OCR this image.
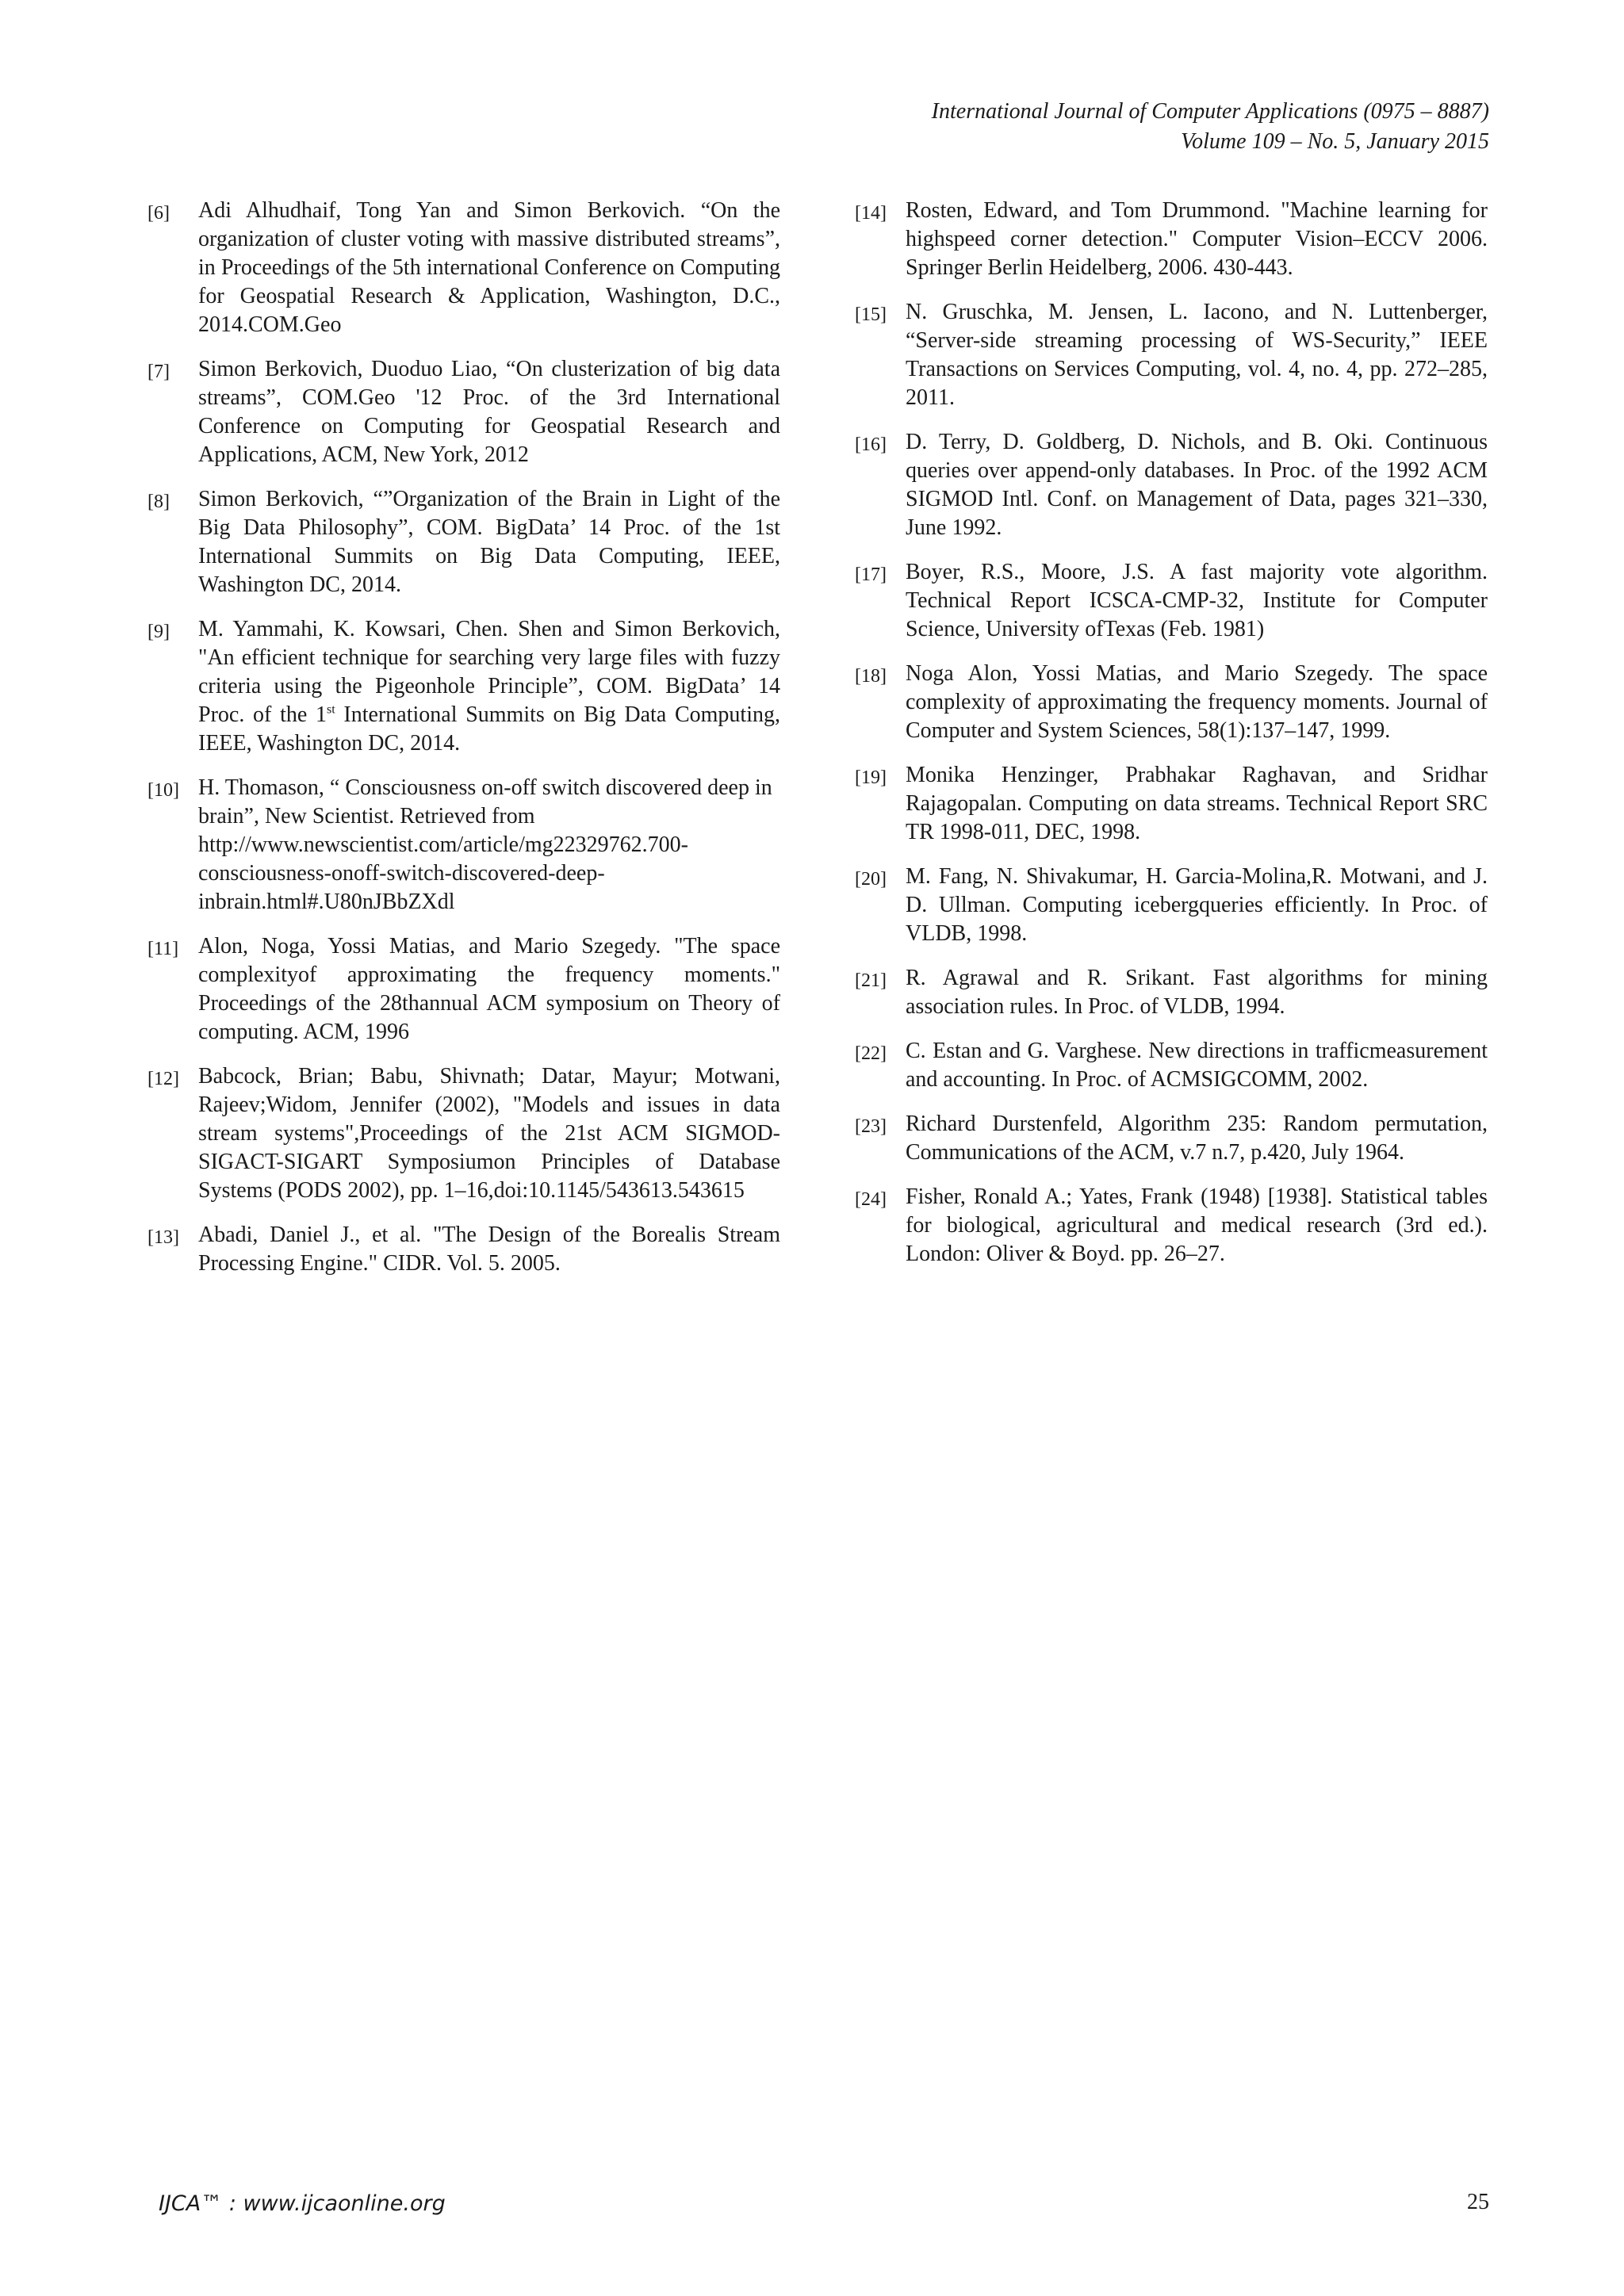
International Journal of Computer Applications (0975 – 8887)
Volume 109 – No. 5, January 2015
[6] Adi Alhudhaif, Tong Yan and Simon Berkovich. “On the organization of cluster voting with massive distributed streams”, in Proceedings of the 5th international Conference on Computing for Geospatial Research & Application, Washington, D.C., 2014.COM.Geo
[7] Simon Berkovich, Duoduo Liao, “On clusterization of big data streams”, COM.Geo '12 Proc. of the 3rd International Conference on Computing for Geospatial Research and Applications, ACM, New York, 2012
[8] Simon Berkovich, “”Organization of the Brain in Light of the Big Data Philosophy”, COM. BigData’ 14 Proc. of the 1st International Summits on Big Data Computing, IEEE, Washington DC, 2014.
[9] M. Yammahi, K. Kowsari, Chen. Shen and Simon Berkovich, "An efficient technique for searching very large files with fuzzy criteria using the Pigeonhole Principle”, COM. BigData’ 14 Proc. of the 1st International Summits on Big Data Computing, IEEE, Washington DC, 2014.
[10] H. Thomason, “ Consciousness on-off switch discovered deep in brain”, New Scientist. Retrieved from http://www.newscientist.com/article/mg22329762.700-consciousness-onoff-switch-discovered-deep-inbrain.html#.U80nJBbZXdl
[11] Alon, Noga, Yossi Matias, and Mario Szegedy. "The space complexityof approximating the frequency moments." Proceedings of the 28thannual ACM symposium on Theory of computing. ACM, 1996
[12] Babcock, Brian; Babu, Shivnath; Datar, Mayur; Motwani, Rajeev;Widom, Jennifer (2002), "Models and issues in data stream systems",Proceedings of the 21st ACM SIGMOD-SIGACT-SIGART Symposiumon Principles of Database Systems (PODS 2002), pp. 1–16,doi:10.1145/543613.543615
[13] Abadi, Daniel J., et al. "The Design of the Borealis Stream Processing Engine." CIDR. Vol. 5. 2005.
[14] Rosten, Edward, and Tom Drummond. "Machine learning for highspeed corner detection." Computer Vision–ECCV 2006. Springer Berlin Heidelberg, 2006. 430-443.
[15] N. Gruschka, M. Jensen, L. Iacono, and N. Luttenberger, “Server-side streaming processing of WS-Security,” IEEE Transactions on Services Computing, vol. 4, no. 4, pp. 272–285, 2011.
[16] D. Terry, D. Goldberg, D. Nichols, and B. Oki. Continuous queries over append-only databases. In Proc. of the 1992 ACM SIGMOD Intl. Conf. on Management of Data, pages 321–330, June 1992.
[17] Boyer, R.S., Moore, J.S. A fast majority vote algorithm. Technical Report ICSCA-CMP-32, Institute for Computer Science, University ofTexas (Feb. 1981)
[18] Noga Alon, Yossi Matias, and Mario Szegedy. The space complexity of approximating the frequency moments. Journal of Computer and System Sciences, 58(1):137–147, 1999.
[19] Monika Henzinger, Prabhakar Raghavan, and Sridhar Rajagopalan. Computing on data streams. Technical Report SRC TR 1998-011, DEC, 1998.
[20] M. Fang, N. Shivakumar, H. Garcia-Molina,R. Motwani, and J. D. Ullman. Computing icebergqueries efficiently. In Proc. of VLDB, 1998.
[21] R. Agrawal and R. Srikant. Fast algorithms for mining association rules. In Proc. of VLDB, 1994.
[22] C. Estan and G. Varghese. New directions in trafficmeasurement and accounting. In Proc. of ACMSIGCOMM, 2002.
[23] Richard Durstenfeld, Algorithm 235: Random permutation, Communications of the ACM, v.7 n.7, p.420, July 1964.
[24] Fisher, Ronald A.; Yates, Frank (1948) [1938]. Statistical tables for biological, agricultural and medical research (3rd ed.). London: Oliver & Boyd. pp. 26–27.
IJCA™ : www.ijcaonline.org	25
